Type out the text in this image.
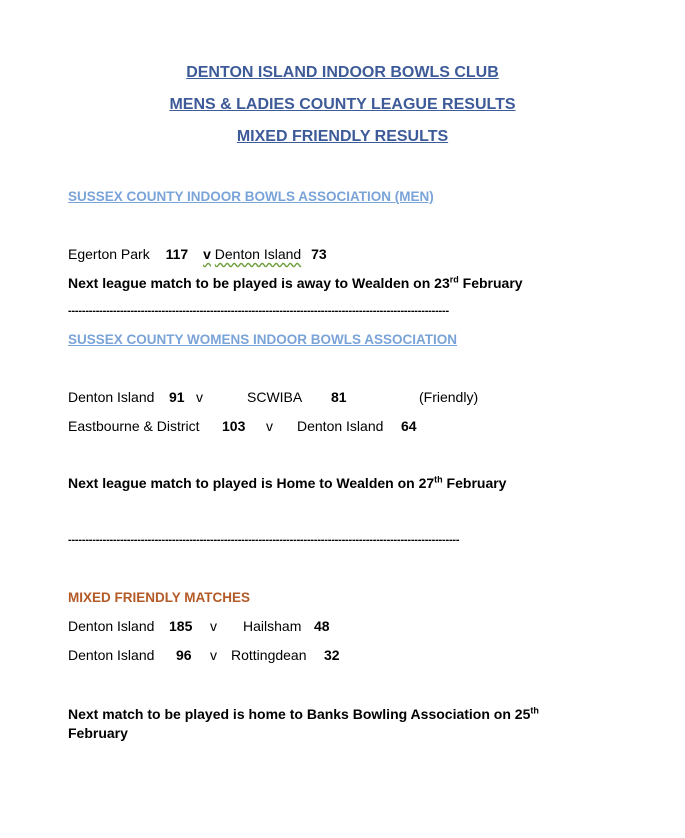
DENTON ISLAND INDOOR BOWLS CLUB
MENS & LADIES COUNTY LEAGUE RESULTS
MIXED FRIENDLY RESULTS
SUSSEX COUNTY INDOOR BOWLS ASSOCIATION (MEN)
Egerton Park 117 v Denton Island 73
Next league match to be played is away to Wealden on 23rd February
--------------------------------------------------------------------------------------------------------------
SUSSEX COUNTY WOMENS INDOOR BOWLS ASSOCIATION
Denton Island 91 v	SCWIBA 81	(Friendly)
Eastbourne & District 103 v Denton Island 64
Next league match to played is Home to Wealden on 27th February
-----------------------------------------------------------------------------------------------------------------
MIXED FRIENDLY MATCHES
Denton Island 185 v Hailsham 48
Denton Island 96 v Rottingdean 32
Next match to be played is home to Banks Bowling Association on 25th
February
